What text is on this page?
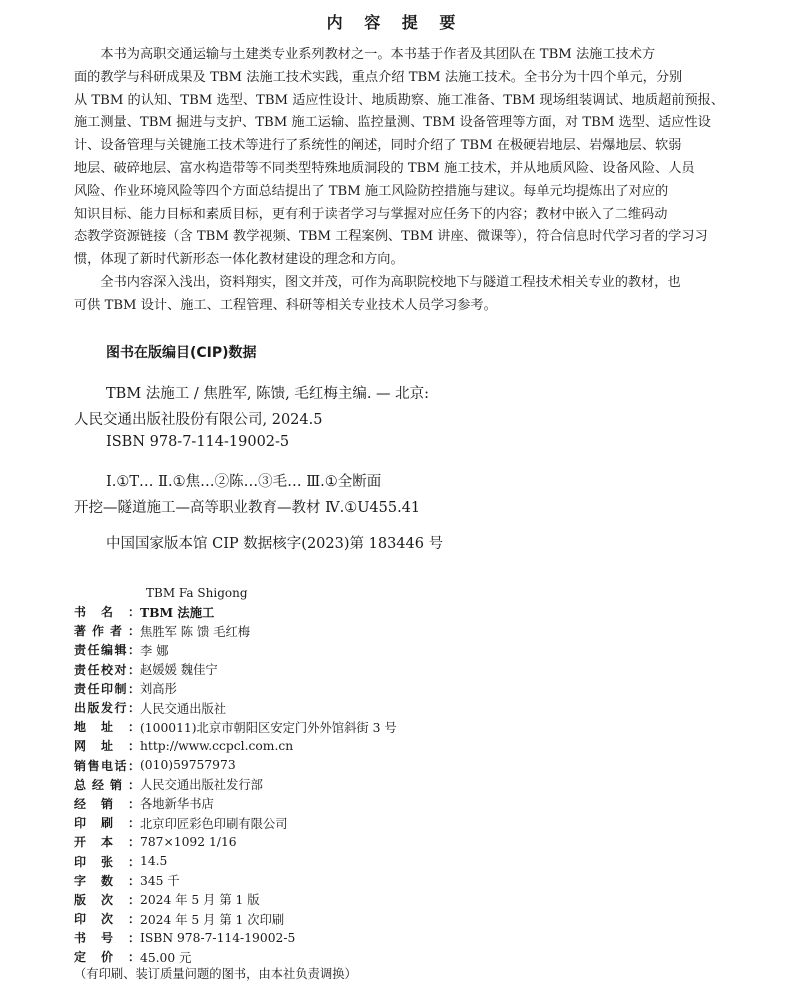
内 容 提 要
本书为高职交通运输与土建类专业系列教材之一。本书基于作者及其团队在 TBM 法施工技术方
面的教学与科研成果及 TBM 法施工技术实践，重点介绍 TBM 法施工技术。全书分为十四个单元，分别
从 TBM 的认知、TBM 选型、TBM 适应性设计、地质勘察、施工准备、TBM 现场组装调试、地质超前预报、
施工测量、TBM 掘进与支护、TBM 施工运输、监控量测、TBM 设备管理等方面，对 TBM 选型、适应性设
计、设备管理与关键施工技术等进行了系统性的阐述，同时介绍了 TBM 在极硬岩地层、岩爆地层、软弱
地层、破碎地层、富水构造带等不同类型特殊地质洞段的 TBM 施工技术，并从地质风险、设备风险、人员
风险、作业环境风险等四个方面总结提出了 TBM 施工风险防控措施与建议。每单元均提炼出了对应的
知识目标、能力目标和素质目标，更有利于读者学习与掌握对应任务下的内容；教材中嵌入了二维码动
态教学资源链接（含 TBM 教学视频、TBM 工程案例、TBM 讲座、微课等），符合信息时代学习者的学习习
惯，体现了新时代新形态一体化教材建设的理念和方向。
全书内容深入浅出，资料翔实，图文并茂，可作为高职院校地下与隧道工程技术相关专业的教材，也
可供 TBM 设计、施工、工程管理、科研等相关专业技术人员学习参考。
图书在版编目(CIP)数据
TBM 法施工 / 焦胜军, 陈馈, 毛红梅主编. — 北京:
人民交通出版社股份有限公司, 2024.5
ISBN 978-7-114-19002-5
Ⅰ.①T… Ⅱ.①焦…②陈…③毛… Ⅲ.①全断面
开挖—隧道施工—高等职业教育—教材 Ⅳ.①U455.41
中国国家版本馆 CIP 数据核字(2023)第 183446 号
TBM Fa Shigong
书 名 ： TBM 法施工
著 作 者 ： 焦胜军 陈 馈 毛红梅
责 任 编 辑 ： 李 娜
责 任 校 对 ： 赵媛媛 魏佳宁
责 任 印 制 ： 刘高彤
出 版 发 行 ： 人民交通出版社
地 址 ： (100011)北京市朝阳区安定门外外馆斜街 3 号
网 址 ： http://www.ccpcl.com.cn
销 售 电 话 ： (010)59757973
总 经 销 ： 人民交通出版社发行部
经 销 ： 各地新华书店
印 刷 ： 北京印匠彩色印刷有限公司
开 本 ： 787×1092 1/16
印 张 ： 14.5
字 数 ： 345 千
版 次 ： 2024 年 5 月 第 1 版
印 次 ： 2024 年 5 月 第 1 次印刷
书 号 ： ISBN 978-7-114-19002-5
定 价 ： 45.00 元
（有印刷、装订质量问题的图书，由本社负责调换）
